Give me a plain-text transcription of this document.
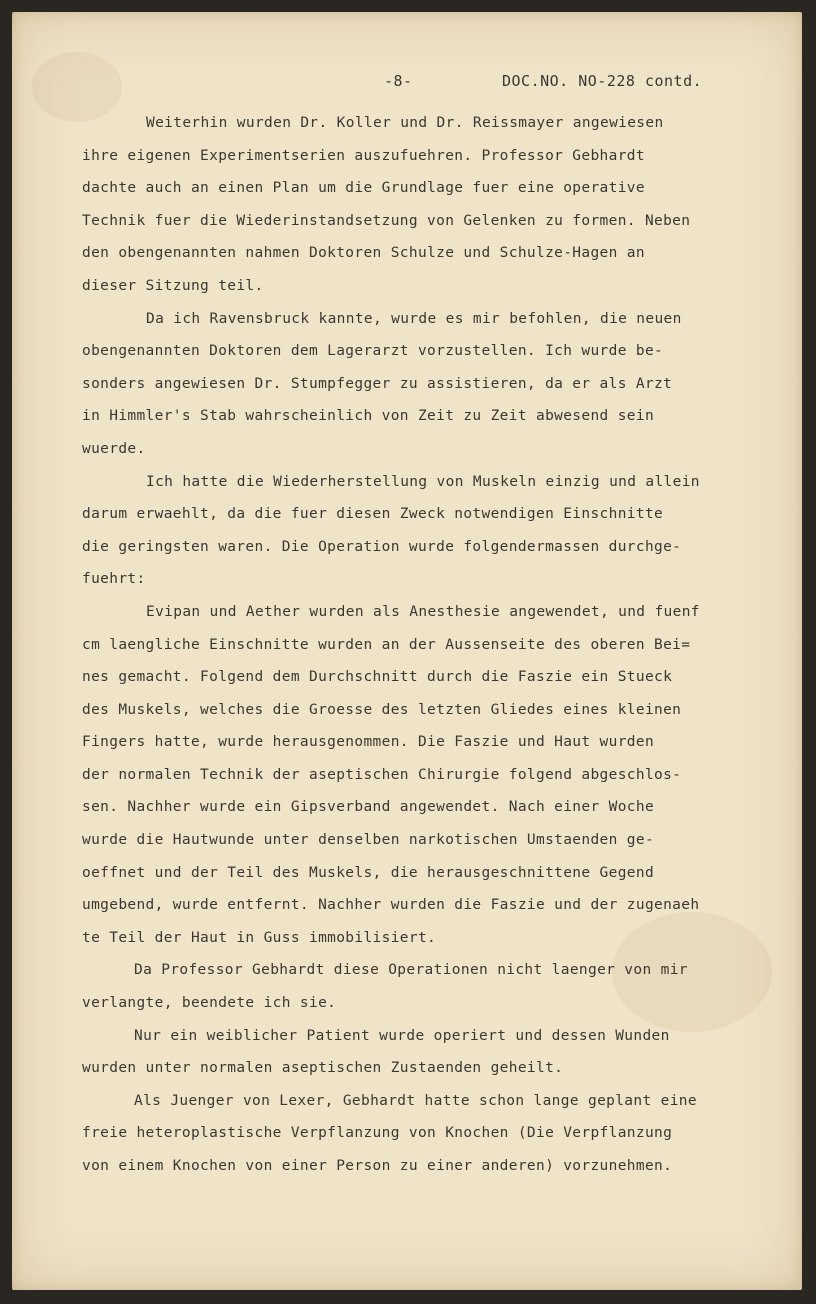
-8-	DOC.NO. NO-228 contd.
Weiterhin wurden Dr. Koller und Dr. Reissmayer angewiesen
ihre eigenen Experimentserien auszufuehren. Professor Gebhardt
dachte auch an einen Plan um die Grundlage fuer eine operative
Technik fuer die Wiederinstandsetzung von Gelenken zu formen. Neben
den obengenannten nahmen Doktoren Schulze und Schulze-Hagen an
dieser Sitzung teil.
Da ich Ravensbruck kannte, wurde es mir befohlen, die neuen
obengenannten Doktoren dem Lagerarzt vorzustellen. Ich wurde be-
sonders angewiesen Dr. Stumpfegger zu assistieren, da er als Arzt
in Himmler's Stab wahrscheinlich von Zeit zu Zeit abwesend sein
wuerde.
Ich hatte die Wiederherstellung von Muskeln einzig und allein
darum erwaehlt, da die fuer diesen Zweck notwendigen Einschnitte
die geringsten waren. Die Operation wurde folgendermassen durchge-
fuehrt:
Evipan und Aether wurden als Anesthesie angewendet, und fuenf
cm laengliche Einschnitte wurden an der Aussenseite des oberen Bei=
nes gemacht. Folgend dem Durchschnitt durch die Faszie ein Stueck
des Muskels, welches die Groesse des letzten Gliedes eines kleinen
Fingers hatte, wurde herausgenommen. Die Faszie und Haut wurden
der normalen Technik der aseptischen Chirurgie folgend abgeschlos-
sen. Nachher wurde ein Gipsverband angewendet. Nach einer Woche
wurde die Hautwunde unter denselben narkotischen Umstaenden ge-
oeffnet und der Teil des Muskels, die herausgeschnittene Gegend
umgebend, wurde entfernt. Nachher wurden die Faszie und der zugenaeh
te Teil der Haut in Guss immobilisiert.
Da Professor Gebhardt diese Operationen nicht laenger von mir
verlangte, beendete ich sie.
Nur ein weiblicher Patient wurde operiert und dessen Wunden
wurden unter normalen aseptischen Zustaenden geheilt.
Als Juenger von Lexer, Gebhardt hatte schon lange geplant eine
freie heteroplastische Verpflanzung von Knochen (Die Verpflanzung
von einem Knochen von einer Person zu einer anderen) vorzunehmen.
